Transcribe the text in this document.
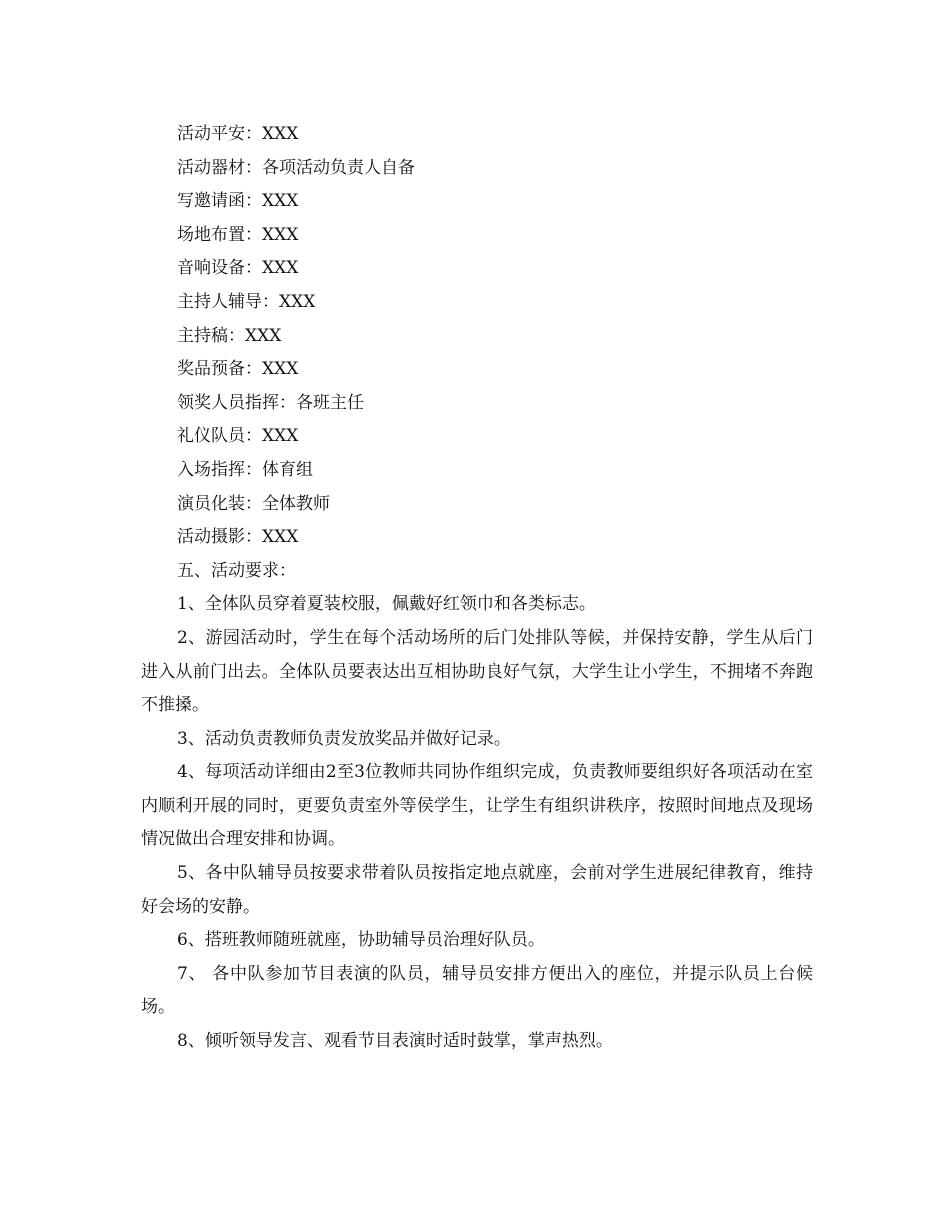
活动平安：XXX
活动器材：各项活动负责人自备
写邀请函：XXX
场地布置：XXX
音响设备：XXX
主持人辅导：XXX
主持稿：XXX
奖品预备：XXX
领奖人员指挥：各班主任
礼仪队员：XXX
入场指挥：体育组
演员化装：全体教师
活动摄影：XXX
五、活动要求：

1、全体队员穿着夏装校服，佩戴好红领巾和各类标志。

2、游园活动时，学生在每个活动场所的后门处排队等候，并保持安静，学生从后门进入从前门出去。全体队员要表达出互相协助良好气氛，大学生让小学生，不拥堵不奔跑不推搡。

3、活动负责教师负责发放奖品并做好记录。

4、每项活动详细由2至3位教师共同协作组织完成，负责教师要组织好各项活动在室内顺利开展的同时，更要负责室外等侯学生，让学生有组织讲秩序，按照时间地点及现场情况做出合理安排和协调。

5、各中队辅导员按要求带着队员按指定地点就座，会前对学生进展纪律教育，维持好会场的安静。

6、搭班教师随班就座，协助辅导员治理好队员。

7、 各中队参加节目表演的队员，辅导员安排方便出入的座位，并提示队员上台候场。

8、倾听领导发言、观看节目表演时适时鼓掌，掌声热烈。
